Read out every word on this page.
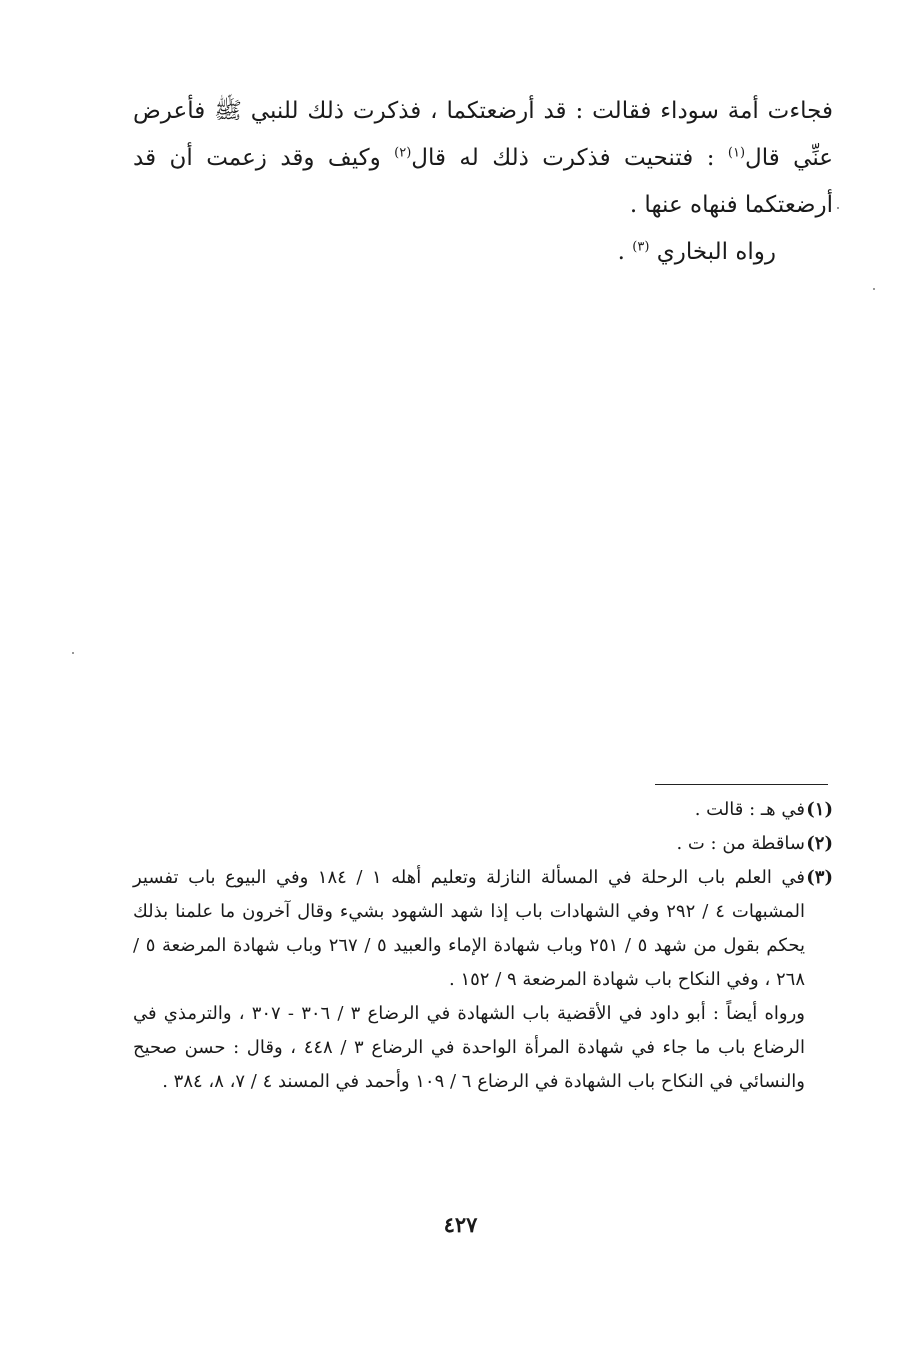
فجاءت أمة سوداء فقالت : قد أرضعتكما ، فذكرت ذلك للنبي ﷺ فأعرض عنِّي قال$^{(١)}$ : فتنحيت فذكرت ذلك له قال$^{(٢)}$ وكيف وقد زعمت أن قد أرضعتكما فنهاه عنها .

رواه البخاري $^{(٣)}$ .
(١)
في هـ : قالت .
(٢)
ساقطة من : ت .
(٣)
في العلم باب الرحلة في المسألة النازلة وتعليم أهله ١ / ١٨٤ وفي البيوع باب تفسير المشبهات ٤ / ٢٩٢ وفي الشهادات باب إذا شهد الشهود بشيء وقال آخرون ما علمنا بذلك يحكم بقول من شهد ٥ / ٢٥١ وباب شهادة الإماء والعبيد ٥ / ٢٦٧ وباب شهادة المرضعة ٥ / ٢٦٨ ، وفي النكاح باب شهادة المرضعة ٩ / ١٥٢ .
ورواه أيضاً : أبو داود في الأقضية باب الشهادة في الرضاع ٣ / ٣٠٦ - ٣٠٧ ، والترمذي في الرضاع باب ما جاء في شهادة المرأة الواحدة في الرضاع ٣ / ٤٤٨ ، وقال : حسن صحيح والنسائي في النكاح باب الشهادة في الرضاع ٦ / ١٠٩ وأحمد في المسند ٤ / ٧، ٨، ٣٨٤ .
٤٢٧
